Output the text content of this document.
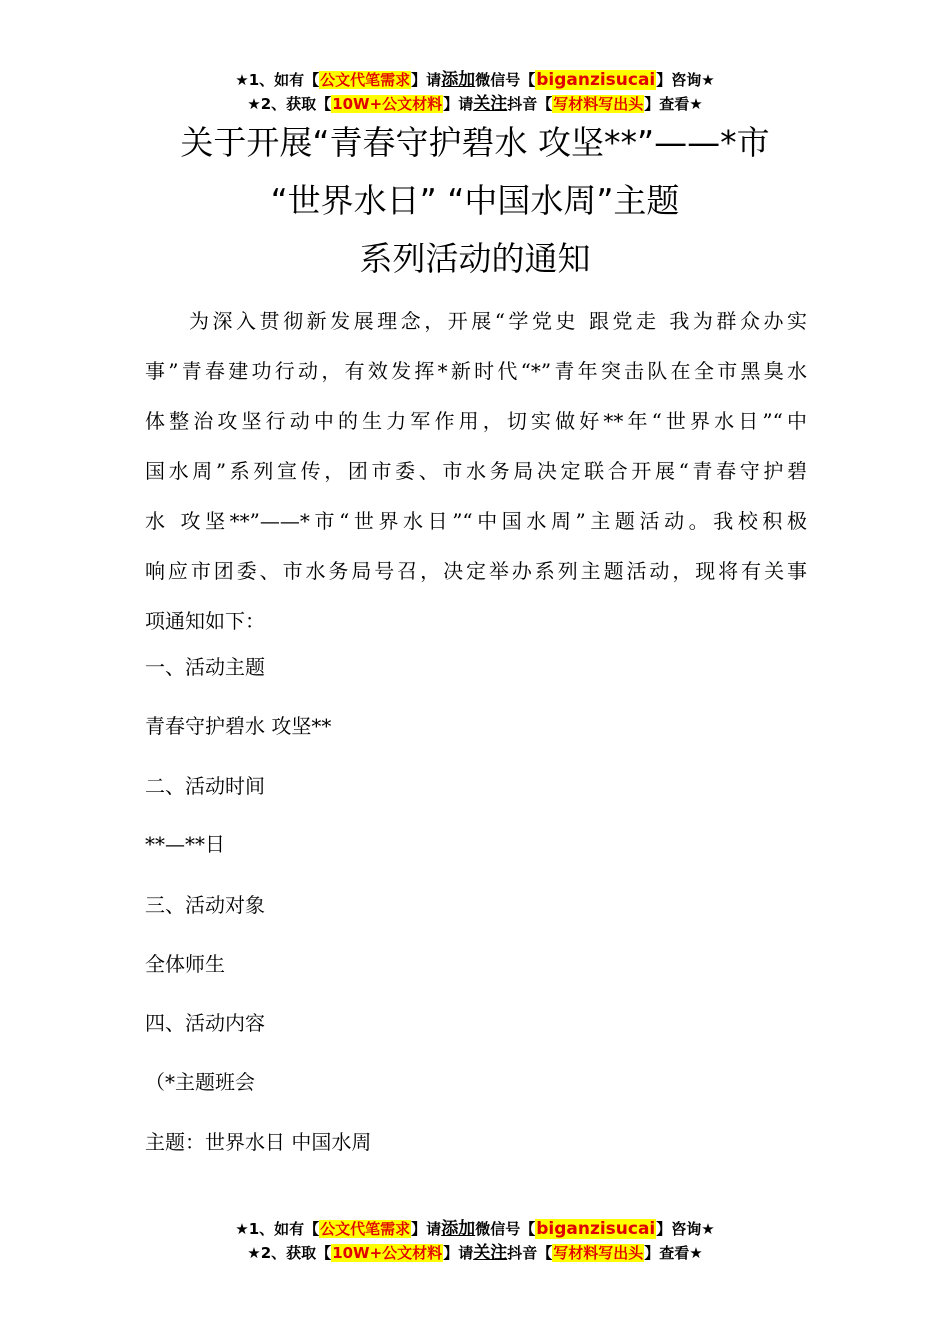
★1、如有【公文代笔需求】请添加微信号【biganzisucai】咨询★
★2、获取【10W+公文材料】请关注抖音【写材料写出头】查看★
关于开展“青春守护碧水 攻坚**”——*市
“世界水日” “中国水周”主题
系列活动的通知
为深入贯彻新发展理念，开展“学党史 跟党走 我为群众办实
事”青春建功行动，有效发挥*新时代“*”青年突击队在全市黑臭水
体整治攻坚行动中的生力军作用，切实做好**年“世界水日”“中
国水周”系列宣传，团市委、市水务局决定联合开展“青春守护碧
水 攻坚**”——*市“世界水日”“中国水周”主题活动。我校积极
响应市团委、市水务局号召，决定举办系列主题活动，现将有关事
项通知如下：
一、活动主题
青春守护碧水 攻坚**
二、活动时间
**—**日
三、活动对象
全体师生
四、活动内容
（*主题班会
主题：世界水日 中国水周
★1、如有【公文代笔需求】请添加微信号【biganzisucai】咨询★
★2、获取【10W+公文材料】请关注抖音【写材料写出头】查看★
